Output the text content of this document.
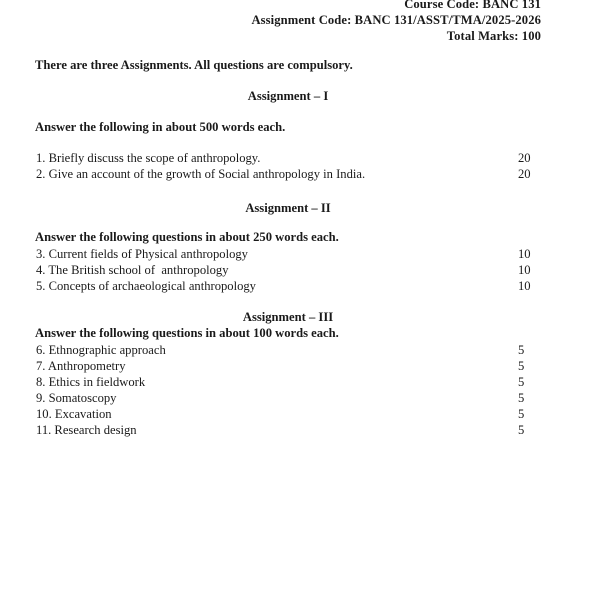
Course Code: BANC 131
Assignment Code: BANC 131/ASST/TMA/2025-2026
Total Marks: 100
There are three Assignments. All questions are compulsory.
Assignment – I
Answer the following in about 500 words each.
1. Briefly discuss the scope of anthropology.	20
2. Give an account of the growth of Social anthropology in India.	20
Assignment – II
Answer the following questions in about 250 words each.
3. Current fields of Physical anthropology	10
4. The British school of  anthropology	10
5. Concepts of archaeological anthropology	10
Assignment – III
Answer the following questions in about 100 words each.
6. Ethnographic approach	5
7. Anthropometry	5
8. Ethics in fieldwork	5
9. Somatoscopy	5
10. Excavation	5
11. Research design	5
